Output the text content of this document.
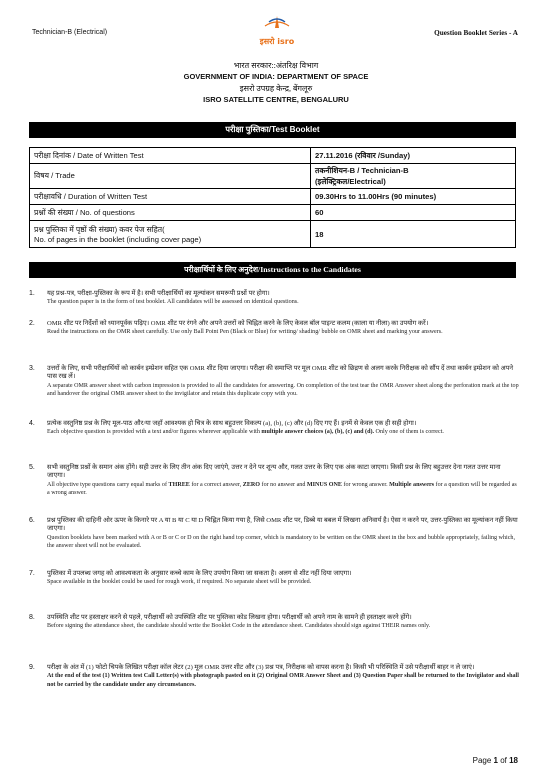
Technician-B (Electrical)	Question Booklet Series - A
इसरो isro
भारत सरकार::अंतरिक्ष विभाग
GOVERNMENT OF INDIA: DEPARTMENT OF SPACE
इसरो उपग्रह केन्द्र, बेंगलूरु
ISRO SATELLITE CENTRE, BENGALURU
परीक्षा पुस्तिका/Test Booklet
परीक्षा दिनांक / Date of Written Test	27.11.2016 (रविवार /Sunday)
विषय / Trade	तकनीशियन-B / Technician-B
(इलेक्ट्रिकल/Electrical)

परीक्षावधि / Duration of Written Test	09.30Hrs to 11.00Hrs (90 minutes)
प्रश्नों की संख्या / No. of questions	60

प्रश्न पुस्तिका में पृष्ठों की संख्या) कवर पेज सहित(
No. of pages in the booklet (including cover page)	18
परीक्षार्थियों के लिए अनुदेश/Instructions to the Candidates
1. यह प्रश्न-पत्र, परीक्षा-पुस्तिका के रूप में है। सभी परीक्षार्थियों का मूल्यांकन समरूपी प्रश्नों पर होगा।
The question paper is in the form of test booklet. All candidates will be assessed on identical questions.
2. OMR शीट पर निर्देशों को ध्यानपूर्वक पढ़िए। OMR शीट पर रंगने और अपने उत्तरों को चिह्नित करने के लिए केवल बॉल पाइन्ट कलम (काला या नीला) का उपयोग करें।
Read the instructions on the OMR sheet carefully. Use only Ball Point Pen (Black or Blue) for writing/ shading/ bubble on OMR sheet and marking your answers.
3. उत्तरों के लिए, सभी परीक्षार्थियों को कार्बन इम्प्रेशन सहित एक OMR शीट दिया जाएगा। परीक्षा की समाप्ति पर मूल OMR शीट को छिद्रण से अलग करके निरीक्षक को सौंप दें तथा कार्बन इम्प्रेशन को अपने पास रख लें।
A separate OMR answer sheet with carbon impression is provided to all the candidates for answering. On completion of the test tear the OMR Answer sheet along the perforation mark at the top and handover the original OMR answer sheet to the invigilator and retain this duplicate copy with you.
4. प्रत्येक वस्तुनिष्ठ प्रश्न के लिए मूल-पाठ और/या जहाँ आवश्यक हो चित्र के साथ बहुउत्तर विकल्प (a), (b), (c) और (d) दिए गए हैं। इनमें से केवल एक ही सही होगा।
Each objective question is provided with a text and/or figures wherever applicable with multiple answer choices (a), (b), (c) and (d). Only one of them is correct.
5. सभी वस्तुनिष्ठ प्रश्नों के समान अंक होंगे। सही उत्तर के लिए तीन अंक दिए जाएंगे, उत्तर न देने पर शून्य और, गलत उत्तर के लिए एक अंक काटा जाएगा। किसी प्रश्न के लिए बहुउत्तर देना गलत उत्तर माना जाएगा।
All objective type questions carry equal marks of THREE for a correct answer, ZERO for no answer and MINUS ONE for wrong answer. Multiple answers for a question will be regarded as a wrong answer.
6. प्रश्न पुस्तिका की दाहिनी ओर ऊपर के किनारे पर A या B या C या D चिह्नित किया गया है, जिसे OMR शीट पर, डिब्बे या बबल में लिखना अनिवार्य है। ऐसा न करने पर, उत्तर-पुस्तिका का मूल्यांकन नहीं किया जाएगा।
Question booklets have been marked with A or B or C or D on the right hand top corner, which is mandatory to be written on the OMR sheet in the box and bubble appropriately, failing which, the answer sheet will not be evaluated.
7. पुस्तिका में उपलब्ध जगह को आवश्यकता के अनुसार कच्चे काम के लिए उपयोग किया जा सकता है। अलग से शीट नहीं दिया जाएगा।
Space available in the booklet could be used for rough work, if required. No separate sheet will be provided.
8. उपस्थिति शीट पर हस्ताक्षर करने से पहले, परीक्षार्थी को उपस्थिति शीट पर पुस्तिका कोड लिखना होगा। परीक्षार्थी को अपने नाम के सामने ही हस्ताक्षर करने होंगे।
Before signing the attendance sheet, the candidate should write the Booklet Code in the attendance sheet. Candidates should sign against THEIR names only.
9. परीक्षा के अंत में (1) फोटो चिपके लिखित परीक्षा कॉल लेटर (2) मूल OMR उत्तर शीट और (3) प्रश्न पत्र, निरीक्षक को वापस करना है। किसी भी परिस्थिति में उसे परीक्षार्थी बाहर न ले जाएं।
At the end of the test (1) Written test Call Letter(s) with photograph pasted on it (2) Original OMR Answer Sheet and (3) Question Paper shall be returned to the Invigilator and shall not be carried by the candidate under any circumstances.
Page 1 of 18
